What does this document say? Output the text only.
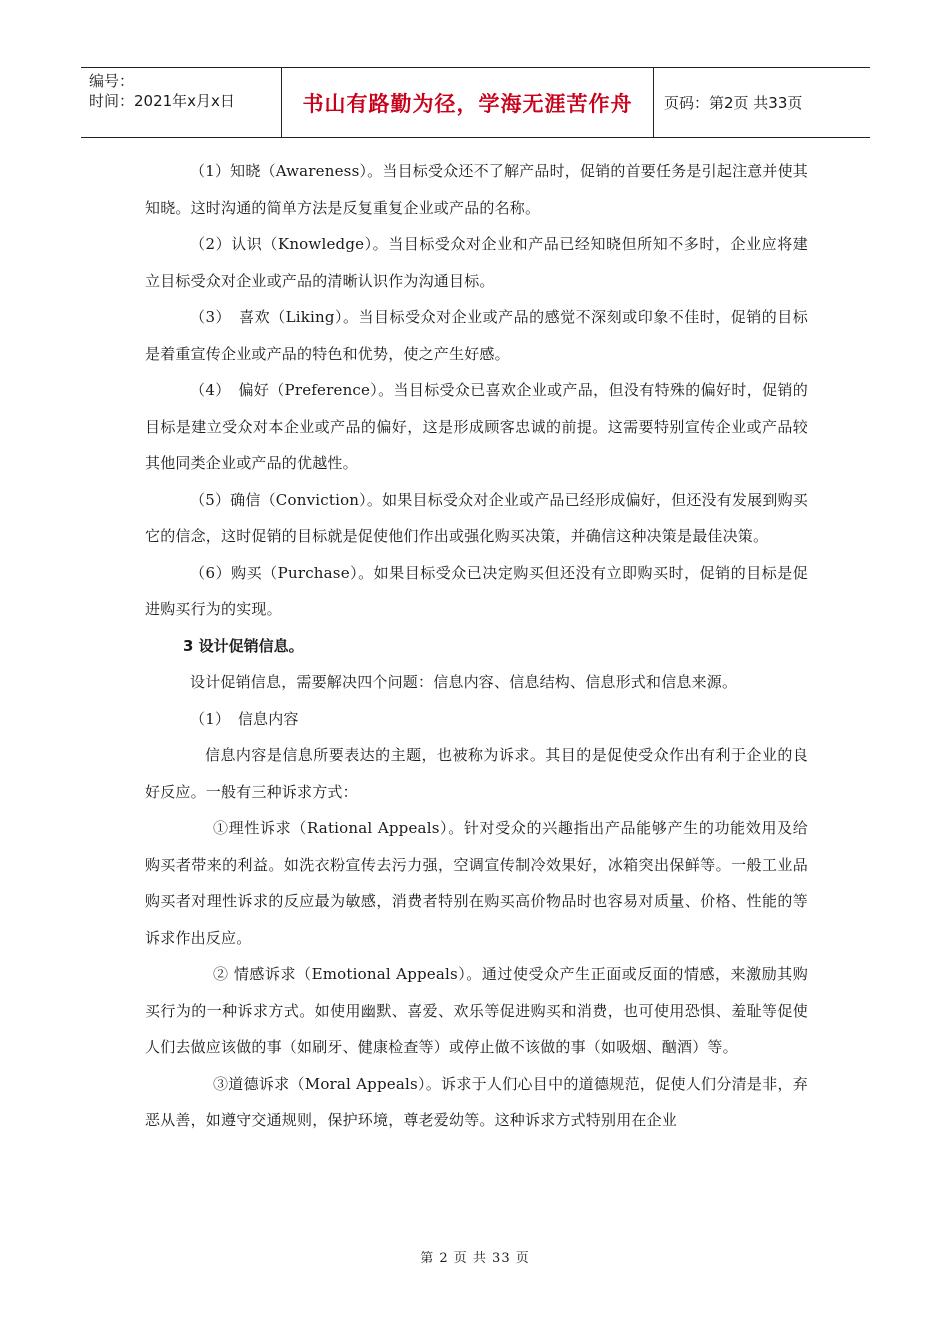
编号：
时间：2021年x月x日	书山有路勤为径，学海无涯苦作舟	页码：第2页 共33页

（1）知晓（Awareness）。当目标受众还不了解产品时，促销的首要任务是引起注意并使其知晓。这时沟通的简单方法是反复重复企业或产品的名称。

（2）认识（Knowledge）。当目标受众对企业和产品已经知晓但所知不多时，企业应将建立目标受众对企业或产品的清晰认识作为沟通目标。

（3）　喜欢（Liking）。当目标受众对企业或产品的感觉不深刻或印象不佳时，促销的目标是着重宣传企业或产品的特色和优势，使之产生好感。

（4）　偏好（Preference）。当目标受众已喜欢企业或产品，但没有特殊的偏好时，促销的目标是建立受众对本企业或产品的偏好，这是形成顾客忠诚的前提。这需要特别宣传企业或产品较其他同类企业或产品的优越性。

（5）确信（Conviction）。如果目标受众对企业或产品已经形成偏好，但还没有发展到购买它的信念，这时促销的目标就是促使他们作出或强化购买决策，并确信这种决策是最佳决策。

（6）购买（Purchase）。如果目标受众已决定购买但还没有立即购买时，促销的目标是促进购买行为的实现。

3 设计促销信息。

设计促销信息，需要解决四个问题：信息内容、信息结构、信息形式和信息来源。

（1）　信息内容

信息内容是信息所要表达的主题，也被称为诉求。其目的是促使受众作出有利于企业的良好反应。一般有三种诉求方式：

①理性诉求（Rational Appeals）。针对受众的兴趣指出产品能够产生的功能效用及给购买者带来的利益。如洗衣粉宣传去污力强，空调宣传制冷效果好，冰箱突出保鲜等。一般工业品购买者对理性诉求的反应最为敏感，消费者特别在购买高价物品时也容易对质量、价格、性能的等诉求作出反应。

② 情感诉求（Emotional Appeals）。通过使受众产生正面或反面的情感，来激励其购买行为的一种诉求方式。如使用幽默、喜爱、欢乐等促进购买和消费，也可使用恐惧、羞耻等促使人们去做应该做的事（如刷牙、健康检查等）或停止做不该做的事（如吸烟、酗酒）等。

③道德诉求（Moral Appeals）。诉求于人们心目中的道德规范，促使人们分清是非，弃恶从善，如遵守交通规则，保护环境，尊老爱幼等。这种诉求方式特别用在企业

第 2 页 共 33 页
